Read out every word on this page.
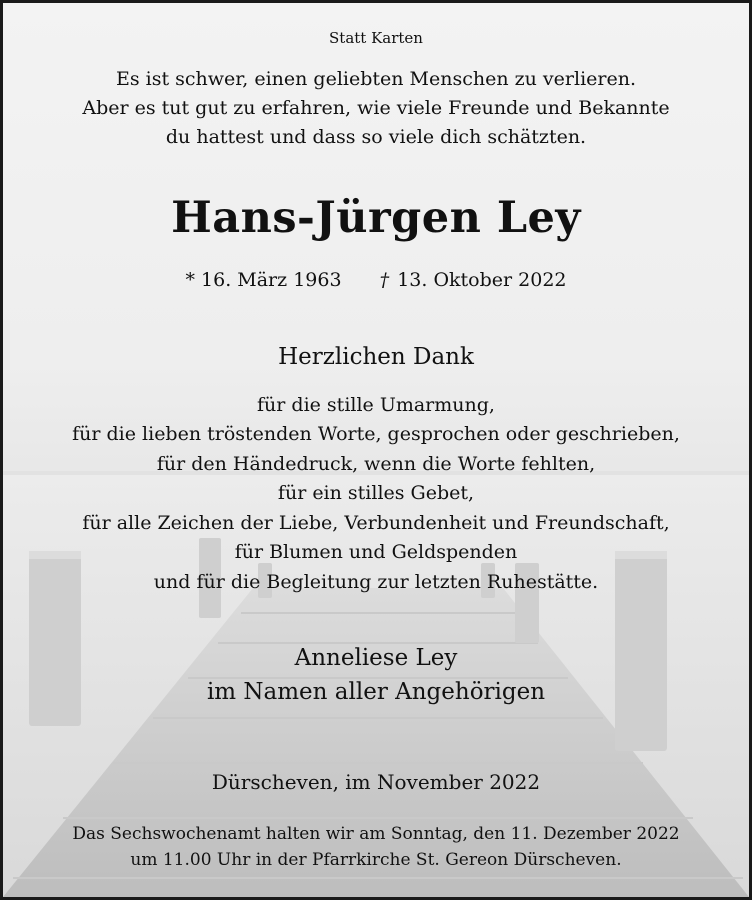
Statt Karten
Es ist schwer, einen geliebten Menschen zu verlieren.
Aber es tut gut zu erfahren, wie viele Freunde und Bekannte
du hattest und dass so viele dich schätzten.
Hans-Jürgen Ley
* 16. März 1963 † 13. Oktober 2022
Herzlichen Dank
für die stille Umarmung,
für die lieben tröstenden Worte, gesprochen oder geschrieben,
für den Händedruck, wenn die Worte fehlten,
für ein stilles Gebet,
für alle Zeichen der Liebe, Verbundenheit und Freundschaft,
für Blumen und Geldspenden
und für die Begleitung zur letzten Ruhestätte.
Anneliese Ley
im Namen aller Angehörigen
Dürscheven, im November 2022
Das Sechswochenamt halten wir am Sonntag, den 11. Dezember 2022
um 11.00 Uhr in der Pfarrkirche St. Gereon Dürscheven.
